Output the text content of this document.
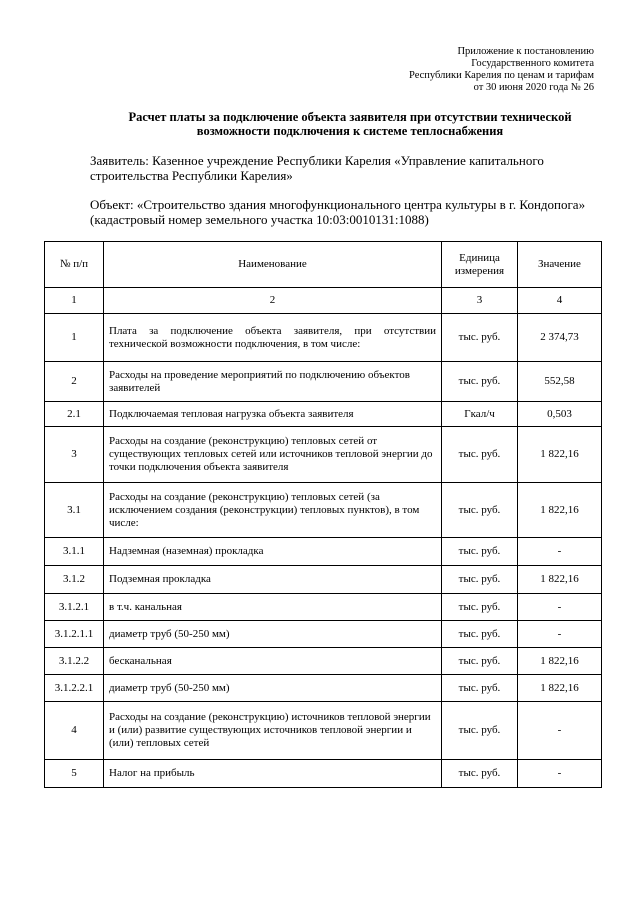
Приложение к постановлению
Государственного комитета
Республики Карелия по ценам и тарифам
от 30 июня 2020 года № 26
Расчет платы за подключение объекта заявителя при отсутствии технической
возможности подключения к системе теплоснабжения
Заявитель: Казенное учреждение Республики Карелия «Управление капитального строительства Республики Карелия»
Объект: «Строительство здания многофункционального центра культуры в г. Кондопога» (кадастровый номер земельного участка 10:03:0010131:1088)
№ п/п	Наименование	Единица измерения	Значение
1	2	3	4
1	Плата за подключение объекта заявителя, при отсутствии технической возможности подключения, в том числе:	тыс. руб.	2 374,73
2	Расходы на проведение мероприятий по подключению объектов заявителей	тыс. руб.	552,58
2.1	Подключаемая тепловая нагрузка объекта заявителя	Гкал/ч	0,503
3	Расходы на создание (реконструкцию) тепловых сетей от существующих тепловых сетей или источников тепловой энергии до точки подключения объекта заявителя	тыс. руб.	1 822,16
3.1	Расходы на создание (реконструкцию) тепловых сетей (за исключением создания (реконструкции) тепловых пунктов), в том числе:	тыс. руб.	1 822,16
3.1.1	Надземная (наземная) прокладка	тыс. руб.	-
3.1.2	Подземная прокладка	тыс. руб.	1 822,16
3.1.2.1	в т.ч. канальная	тыс. руб.	-
3.1.2.1.1	диаметр труб (50-250 мм)	тыс. руб.	-
3.1.2.2	бесканальная	тыс. руб.	1 822,16
3.1.2.2.1	диаметр труб (50-250 мм)	тыс. руб.	1 822,16
4	Расходы на создание (реконструкцию) источников тепловой энергии и (или) развитие существующих источников тепловой энергии и (или) тепловых сетей	тыс. руб.	-
5	Налог на прибыль	тыс. руб.	-
